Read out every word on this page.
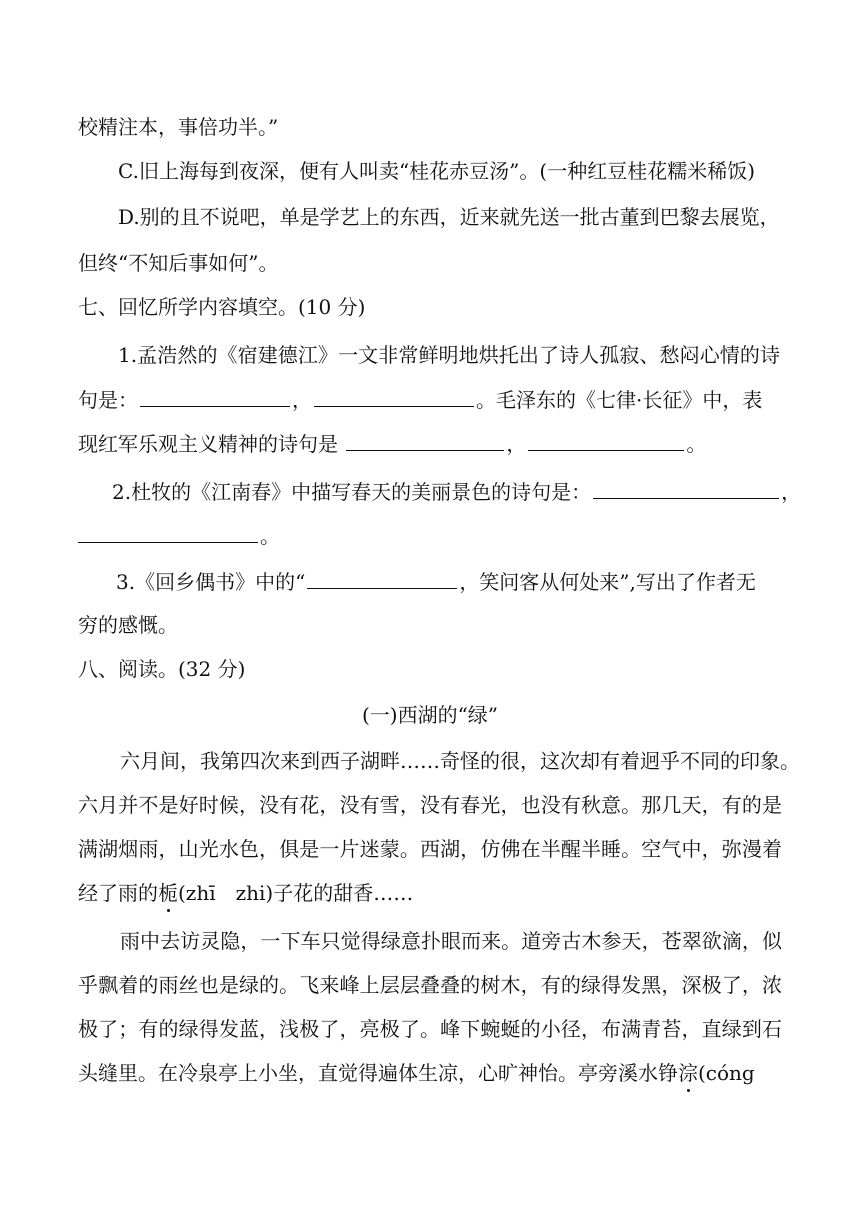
校精注本，事倍功半。”
C.旧上海每到夜深，便有人叫卖“桂花赤豆汤”。(一种红豆桂花糯米稀饭)
D.别的且不说吧，单是学艺上的东西，近来就先送一批古董到巴黎去展览，
但终“不知后事如何”。
七、回忆所学内容填空。(10 分)
1.孟浩然的《宿建德江》一文非常鲜明地烘托出了诗人孤寂、愁闷心情的诗
句是：	，	。毛泽东的《七律·长征》中，表
现红军乐观主义精神的诗句是	，	。
2.杜牧的《江南春》中描写春天的美丽景色的诗句是：	，
。
3.《回乡偶书》中的“	，笑问客从何处来”,写出了作者无
穷的感慨。
八、阅读。(32 分)
(一)西湖的“绿”
六月间，我第四次来到西子湖畔……奇怪的很，这次却有着迥乎不同的印象。
六月并不是好时候，没有花，没有雪，没有春光，也没有秋意。那几天，有的是
满湖烟雨，山光水色，俱是一片迷蒙。西湖，仿佛在半醒半睡。空气中，弥漫着
经了雨的栀(zhī　zhi)子花的甜香……
雨中去访灵隐，一下车只觉得绿意扑眼而来。道旁古木参天，苍翠欲滴，似
乎飘着的雨丝也是绿的。飞来峰上层层叠叠的树木，有的绿得发黑，深极了，浓
极了；有的绿得发蓝，浅极了，亮极了。峰下蜿蜒的小径，布满青苔，直绿到石
头缝里。在冷泉亭上小坐，直觉得遍体生凉，心旷神怡。亭旁溪水铮淙(cóng
